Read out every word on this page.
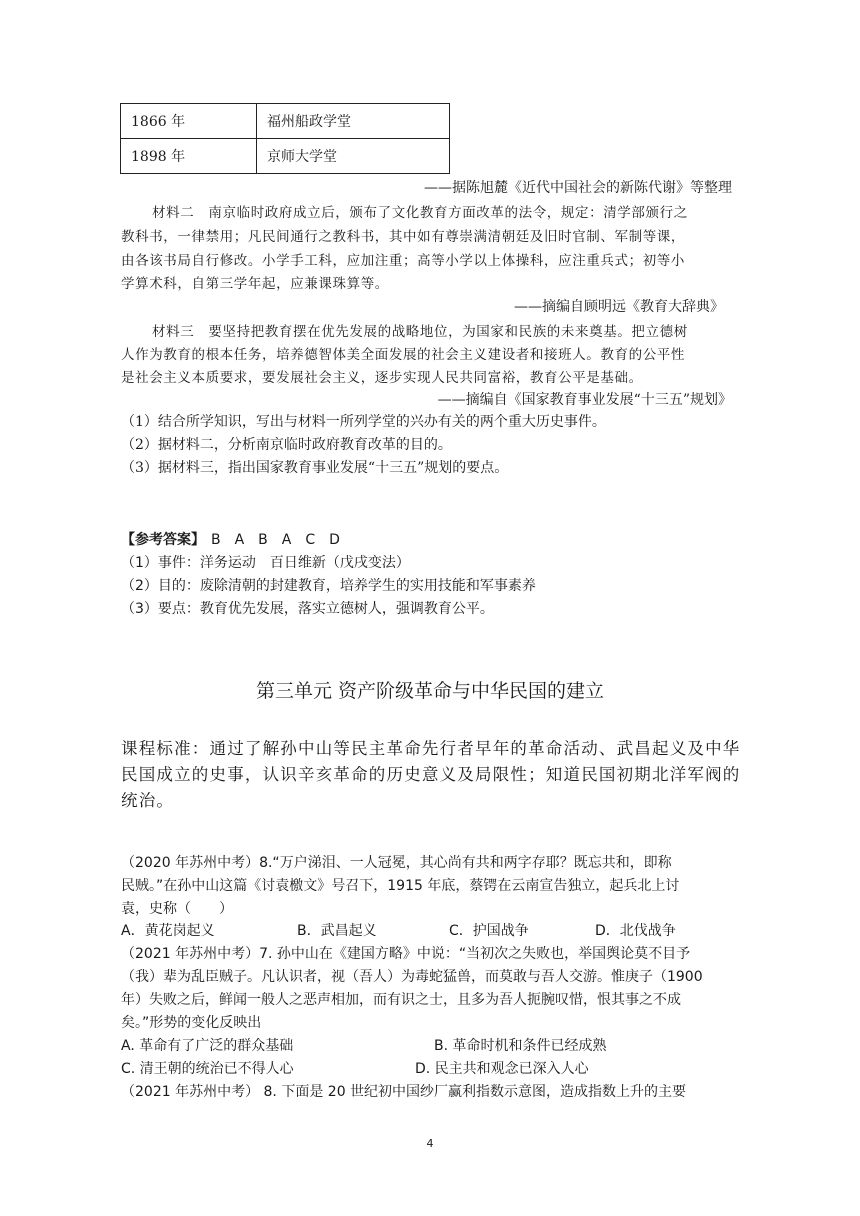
1866 年	福州船政学堂
1898 年	京师大学堂
——据陈旭麓《近代中国社会的新陈代谢》等整理
材料二　南京临时政府成立后，颁布了文化教育方面改革的法令，规定：清学部颁行之
教科书，一律禁用；凡民间通行之教科书，其中如有尊崇满清朝廷及旧时官制、军制等课，
由各该书局自行修改。小学手工科，应加注重；高等小学以上体操科，应注重兵式；初等小
学算术科，自第三学年起，应兼课珠算等。
——摘编自顾明远《教育大辞典》
材料三　要坚持把教育摆在优先发展的战略地位，为国家和民族的未来奠基。把立德树
人作为教育的根本任务，培养德智体美全面发展的社会主义建设者和接班人。教育的公平性
是社会主义本质要求，要发展社会主义，逐步实现人民共同富裕，教育公平是基础。
——摘编自《国家教育事业发展“十三五”规划》
（1）结合所学知识，写出与材料一所列学堂的兴办有关的两个重大历史事件。
（2）据材料二，分析南京临时政府教育改革的目的。
（3）据材料三，指出国家教育事业发展“十三五”规划的要点。
【参考答案】 B　A　B　A　C　D
（1）事件：洋务运动　百日维新（戊戌变法）
（2）目的：废除清朝的封建教育，培养学生的实用技能和军事素养
（3）要点：教育优先发展，落实立德树人，强调教育公平。
第三单元 资产阶级革命与中华民国的建立
课程标准：通过了解孙中山等民主革命先行者早年的革命活动、武昌起义及中华
民国成立的史事，认识辛亥革命的历史意义及局限性；知道民国初期北洋军阀的
统治。
（2020 年苏州中考）8.“万户涕泪、一人冠冕，其心尚有共和两字存耶？既忘共和，即称
民贼。”在孙中山这篇《讨袁檄文》号召下，1915 年底，蔡锷在云南宣告独立，起兵北上讨
袁，史称（　　）
A．黄花岗起义	B．武昌起义	C．护国战争	D．北伐战争
（2021 年苏州中考）7. 孙中山在《建国方略》中说：“当初次之失败也，举国舆论莫不目予
（我）辈为乱臣贼子。凡认识者，视（吾人）为毒蛇猛兽，而莫敢与吾人交游。惟庚子（1900
年）失败之后，鲜闻一般人之恶声相加，而有识之士，且多为吾人扼腕叹惜，恨其事之不成
矣。”形势的变化反映出
A. 革命有了广泛的群众基础	B. 革命时机和条件已经成熟
C. 清王朝的统治已不得人心	D. 民主共和观念已深入人心
（2021 年苏州中考） 8. 下面是 20 世纪初中国纱厂赢利指数示意图，造成指数上升的主要
4
